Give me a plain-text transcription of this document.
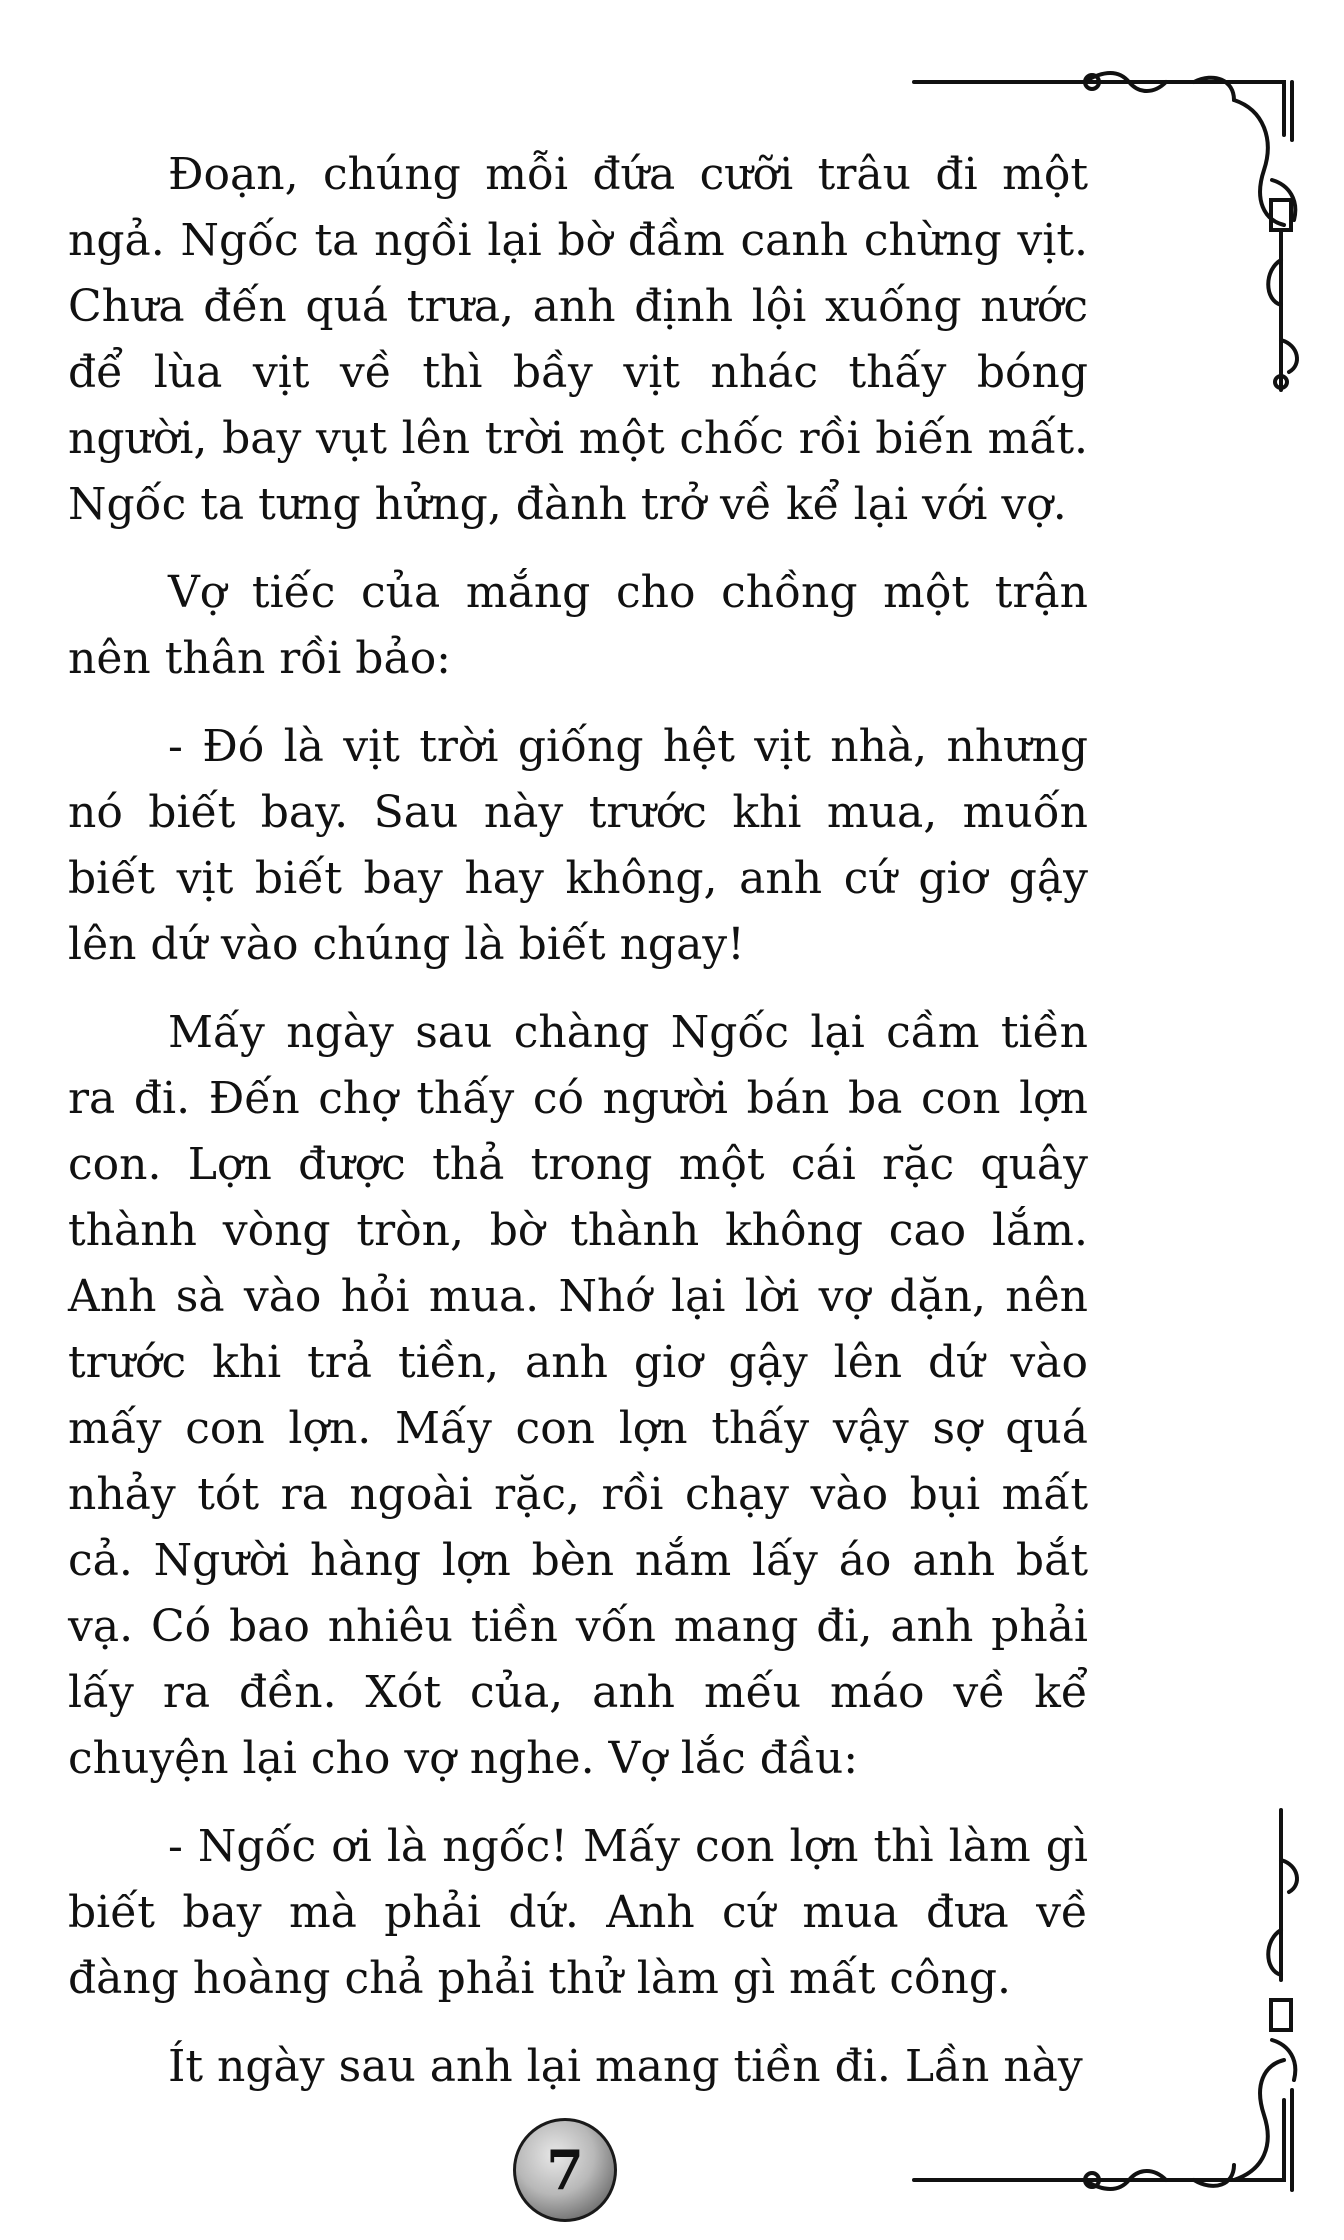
Đoạn, chúng mỗi đứa cưỡi trâu đi một ngả. Ngốc ta ngồi lại bờ đầm canh chừng vịt. Chưa đến quá trưa, anh định lội xuống nước để lùa vịt về thì bầy vịt nhác thấy bóng người, bay vụt lên trời một chốc rồi biến mất. Ngốc ta tưng hửng, đành trở về kể lại với vợ.

Vợ tiếc của mắng cho chồng một trận nên thân rồi bảo:

- Đó là vịt trời giống hệt vịt nhà, nhưng nó biết bay. Sau này trước khi mua, muốn biết vịt biết bay hay không, anh cứ giơ gậy lên dứ vào chúng là biết ngay!

Mấy ngày sau chàng Ngốc lại cầm tiền ra đi. Đến chợ thấy có người bán ba con lợn con. Lợn được thả trong một cái rặc quây thành vòng tròn, bờ thành không cao lắm. Anh sà vào hỏi mua. Nhớ lại lời vợ dặn, nên trước khi trả tiền, anh giơ gậy lên dứ vào mấy con lợn. Mấy con lợn thấy vậy sợ quá nhảy tót ra ngoài rặc, rồi chạy vào bụi mất cả. Người hàng lợn bèn nắm lấy áo anh bắt vạ. Có bao nhiêu tiền vốn mang đi, anh phải lấy ra đền. Xót của, anh mếu máo về kể chuyện lại cho vợ nghe. Vợ lắc đầu:

- Ngốc ơi là ngốc! Mấy con lợn thì làm gì biết bay mà phải dứ. Anh cứ mua đưa về đàng hoàng chả phải thử làm gì mất công.

Ít ngày sau anh lại mang tiền đi. Lần này

7
